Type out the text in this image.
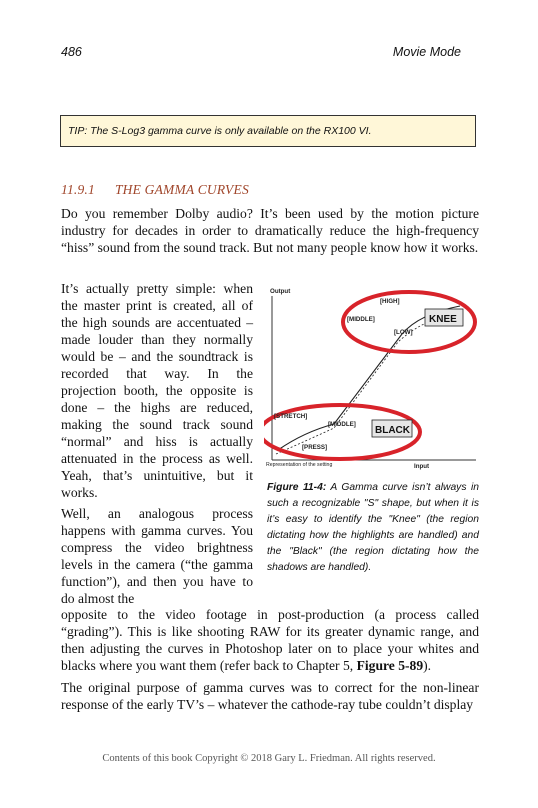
486	Movie Mode
TIP: The S-Log3 gamma curve is only available on the RX100 VI.
11.9.1 THE GAMMA CURVES

Do you remember Dolby audio? It’s been used by the motion picture industry for decades in order to dramatically reduce the high-frequency “hiss” sound from the sound track. But not many people know how it works.

It’s actually pretty simple: when the master print is created, all of the high sounds are accentuated – made louder than they normally would be – and the soundtrack is recorded that way. In the projection booth, the opposite is done – the highs are reduced, making the sound track sound “normal” and hiss is actually attenuated in the process as well. Yeah, that’s unintuitive, but it works.

Well, an analogous process happens with gamma curves. You compress the video brightness levels in the camera (“the gamma function”), and then you have to do almost the

opposite to the video footage in post-production (a process called “grading”). This is like shooting RAW for its greater dynamic range, and then adjusting the curves in Photoshop later on to place your whites and blacks where you want them (refer back to Chapter 5, Figure 5-89).

The original purpose of gamma curves was to correct for the non-linear response of the early TV’s – whatever the cathode-ray tube couldn’t display

Output
Input
Representation of the setting
[HIGH]
[MIDDLE]
[LOW]
KNEE
[STRETCH]
[MIDDLE]
[PRESS]
BLACK
Figure 11-4: A Gamma curve isn’t always in such a recognizable "S" shape, but when it is it’s easy to identify the "Knee" (the region dictating how the highlights are handled) and the "Black" (the region dictating how the shadows are handled).
Contents of this book Copyright © 2018 Gary L. Friedman. All rights reserved.
